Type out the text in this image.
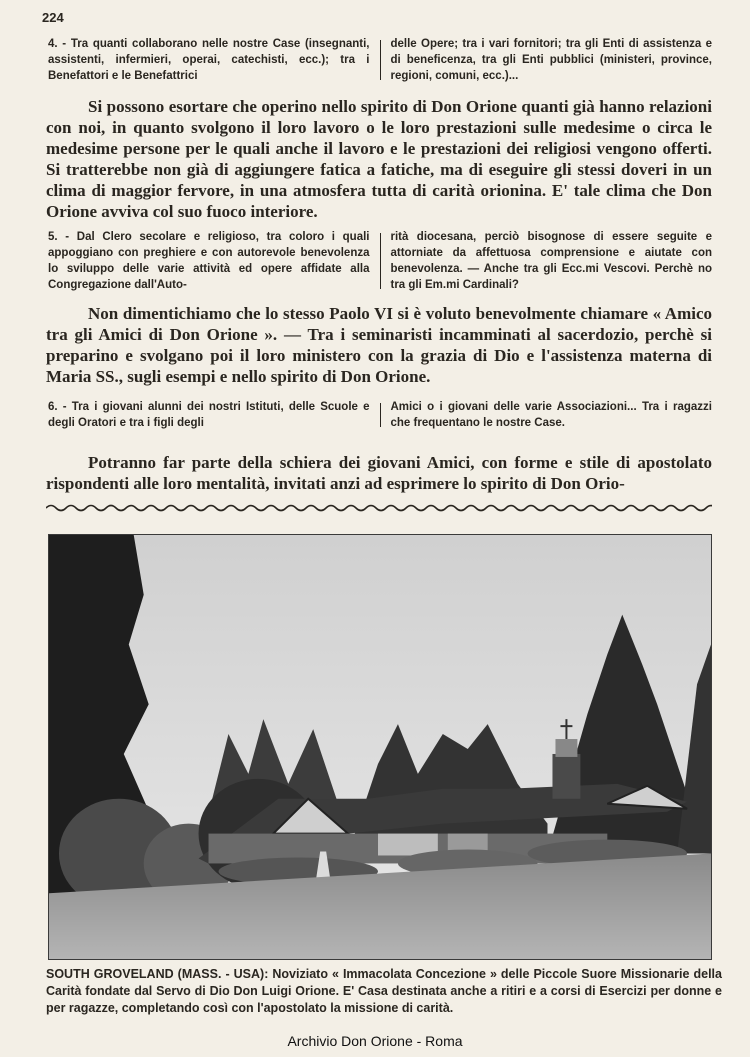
224
4. - Tra quanti collaborano nelle nostre Case (insegnanti, assistenti, infermieri, operai, catechisti, ecc.); tra i Benefattori e le Benefattrici
delle Opere; tra i vari fornitori; tra gli Enti di assistenza e di beneficenza, tra gli Enti pubblici (ministeri, province, regioni, comuni, ecc.)...
Si possono esortare che operino nello spirito di Don Orione quanti già hanno relazioni con noi, in quanto svolgono il loro lavoro o le loro prestazioni sulle medesime o circa le medesime persone per le quali anche il lavoro e le prestazioni dei religiosi vengono offerti. Si tratterebbe non già di aggiungere fatica a fatiche, ma di eseguire gli stessi doveri in un clima di maggior fervore, in una atmosfera tutta di carità orionina. E' tale clima che Don Orione avviva col suo fuoco interiore.
5. - Dal Clero secolare e religioso, tra coloro i quali appoggiano con preghiere e con autorevole benevolenza lo sviluppo delle varie attività ed opere affidate alla Congregazione dall'Auto-
rità diocesana, perciò bisognose di essere seguite e attorniate da affettuosa comprensione e aiutate con benevolenza. — Anche tra gli Ecc.mi Vescovi. Perchè no tra gli Em.mi Cardinali?
Non dimentichiamo che lo stesso Paolo VI si è voluto benevolmente chiamare « Amico tra gli Amici di Don Orione ». — Tra i seminaristi incamminati al sacerdozio, perchè si preparino e svolgano poi il loro ministero con la grazia di Dio e l'assistenza materna di Maria SS., sugli esempi e nello spirito di Don Orione.
6. - Tra i giovani alunni dei nostri Istituti, delle Scuole e degli Oratori e tra i figli degli
Amici o i giovani delle varie Associazioni... Tra i ragazzi che frequentano le nostre Case.
Potranno far parte della schiera dei giovani Amici, con forme e stile di apostolato rispondenti alle loro mentalità, invitati anzi ad esprimere lo spirito di Don Orio-
SOUTH GROVELAND (MASS. - USA): Noviziato « Immacolata Concezione » delle Piccole Suore Missionarie della Carità fondate dal Servo di Dio Don Luigi Orione. E' Casa destinata anche a ritiri e a corsi di Esercizi per donne e per ragazze, completando così con l'apostolato la missione di carità.
Archivio Don Orione - Roma
